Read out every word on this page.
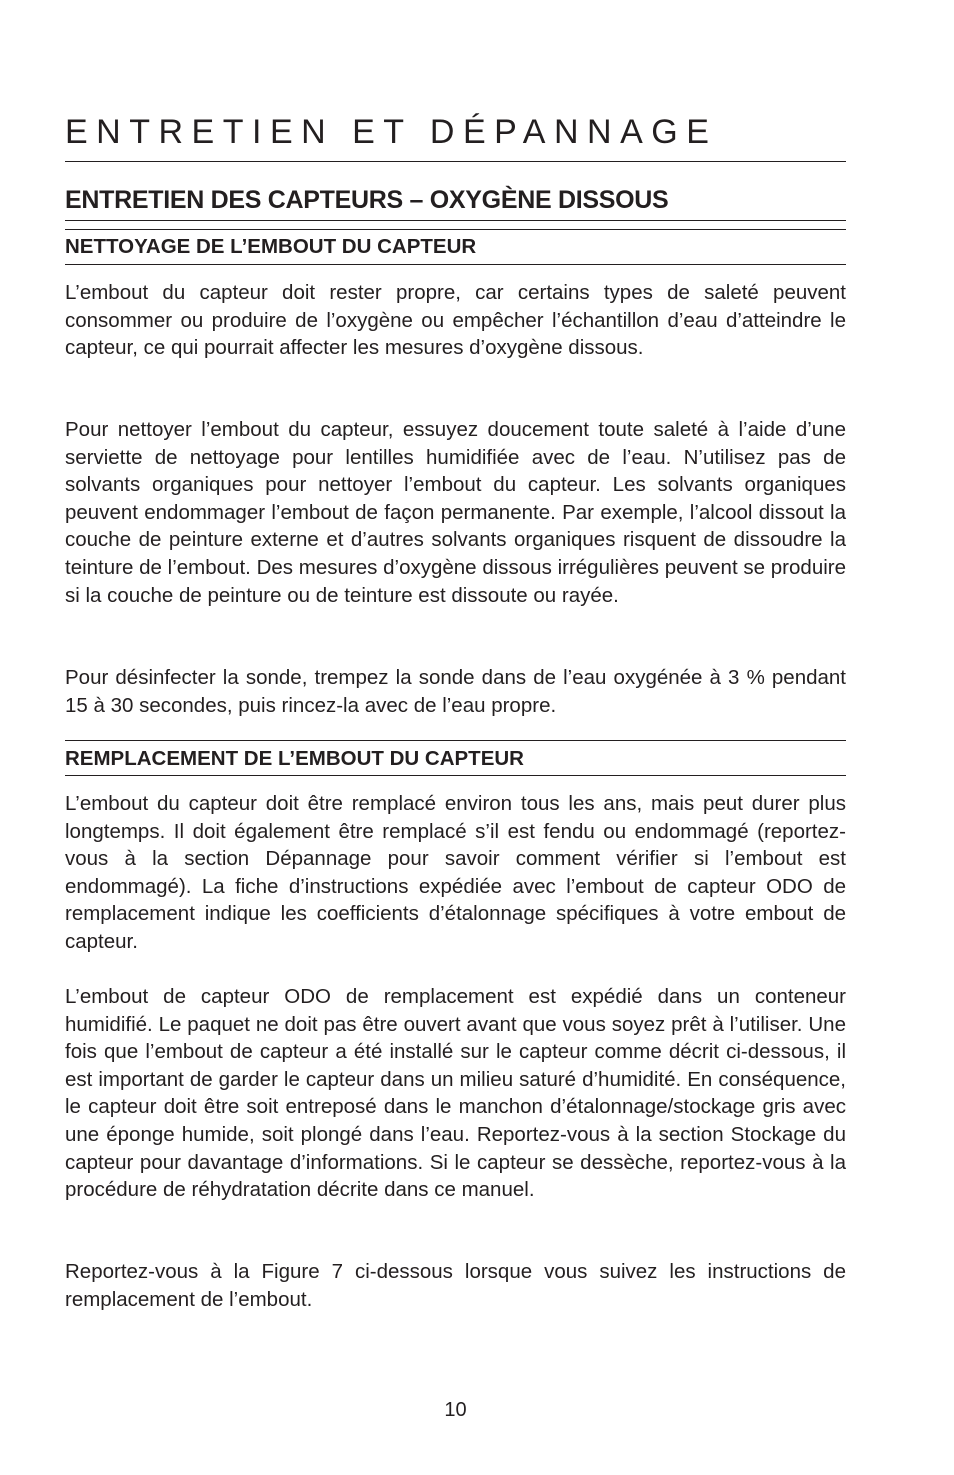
ENTRETIEN ET DÉPANNAGE
ENTRETIEN DES CAPTEURS – OXYGÈNE DISSOUS
NETTOYAGE DE L’EMBOUT DU CAPTEUR

L’embout du capteur doit rester propre, car certains types de saleté peuvent consommer ou produire de l’oxygène ou empêcher l’échantillon d’eau d’atteindre le capteur, ce qui pourrait affecter les mesures d’oxygène dissous.

Pour nettoyer l’embout du capteur, essuyez doucement toute saleté à l’aide d’une serviette de nettoyage pour lentilles humidifiée avec de l’eau. N’utilisez pas de solvants organiques pour nettoyer l’embout du capteur. Les solvants organiques peuvent endommager l’embout de façon permanente. Par exemple, l’alcool dissout la couche de peinture externe et d’autres solvants organiques risquent de dissoudre la teinture de l’embout. Des mesures d’oxygène dissous irrégulières peuvent se produire si la couche de peinture ou de teinture est dissoute ou rayée.

Pour désinfecter la sonde, trempez la sonde dans de l’eau oxygénée à 3 % pendant 15 à 30 secondes, puis rincez-la avec de l’eau propre.

REMPLACEMENT DE L’EMBOUT DU CAPTEUR

L’embout du capteur doit être remplacé environ tous les ans, mais peut durer plus longtemps. Il doit également être remplacé s’il est fendu ou endommagé (reportez-vous à la section Dépannage pour savoir comment vérifier si l’embout est endommagé). La fiche d’instructions expédiée avec l’embout de capteur ODO de remplacement indique les coefficients d’étalonnage spécifiques à votre embout de capteur.

L’embout de capteur ODO de remplacement est expédié dans un conteneur humidifié. Le paquet ne doit pas être ouvert avant que vous soyez prêt à l’utiliser. Une fois que l’embout de capteur a été installé sur le capteur comme décrit ci-dessous, il est important de garder le capteur dans un milieu saturé d’humidité. En conséquence, le capteur doit être soit entreposé dans le manchon d’étalonnage/stockage gris avec une éponge humide, soit plongé dans l’eau. Reportez-vous à la section Stockage du capteur pour davantage d’informations. Si le capteur se dessèche, reportez-vous à la procédure de réhydratation décrite dans ce manuel.

Reportez-vous à la Figure 7 ci-dessous lorsque vous suivez les instructions de remplacement de l’embout.

10
